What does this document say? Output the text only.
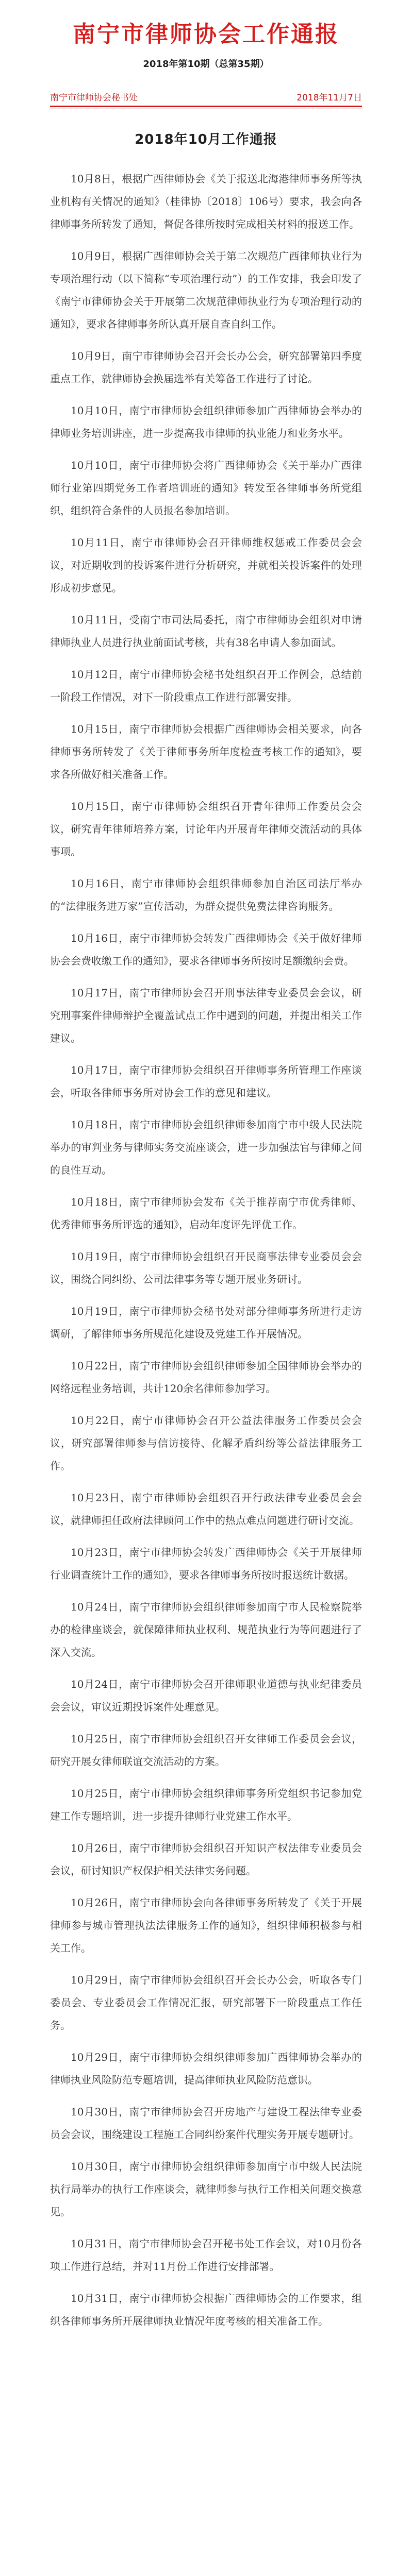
南宁市律师协会工作通报
2018年第10期（总第35期）
南宁市律师协会秘书处	2018年11月7日
2018年10月工作通报

10月8日，根据广西律师协会《关于报送北海港律师事务所等执业机构有关情况的通知》（桂律协〔2018〕106号）要求，我会向各律师事务所转发了通知，督促各律所按时完成相关材料的报送工作。

10月9日，根据广西律师协会关于第二次规范广西律师执业行为专项治理行动（以下简称“专项治理行动”）的工作安排，我会印发了《南宁市律师协会关于开展第二次规范律师执业行为专项治理行动的通知》，要求各律师事务所认真开展自查自纠工作。

10月9日，南宁市律师协会召开会长办公会，研究部署第四季度重点工作，就律师协会换届选举有关筹备工作进行了讨论。

10月10日，南宁市律师协会组织律师参加广西律师协会举办的律师业务培训讲座，进一步提高我市律师的执业能力和业务水平。

10月10日，南宁市律师协会将广西律师协会《关于举办广西律师行业第四期党务工作者培训班的通知》转发至各律师事务所党组织，组织符合条件的人员报名参加培训。

10月11日，南宁市律师协会召开律师维权惩戒工作委员会会议，对近期收到的投诉案件进行分析研究，并就相关投诉案件的处理形成初步意见。

10月11日，受南宁市司法局委托，南宁市律师协会组织对申请律师执业人员进行执业前面试考核，共有38名申请人参加面试。

10月12日，南宁市律师协会秘书处组织召开工作例会，总结前一阶段工作情况，对下一阶段重点工作进行部署安排。

10月15日，南宁市律师协会根据广西律师协会相关要求，向各律师事务所转发了《关于律师事务所年度检查考核工作的通知》，要求各所做好相关准备工作。

10月15日，南宁市律师协会组织召开青年律师工作委员会会议，研究青年律师培养方案，讨论年内开展青年律师交流活动的具体事项。

10月16日，南宁市律师协会组织律师参加自治区司法厅举办的“法律服务进万家”宣传活动，为群众提供免费法律咨询服务。

10月16日，南宁市律师协会转发广西律师协会《关于做好律师协会会费收缴工作的通知》，要求各律师事务所按时足额缴纳会费。

10月17日，南宁市律师协会召开刑事法律专业委员会会议，研究刑事案件律师辩护全覆盖试点工作中遇到的问题，并提出相关工作建议。

10月17日，南宁市律师协会组织召开律师事务所管理工作座谈会，听取各律师事务所对协会工作的意见和建议。

10月18日，南宁市律师协会组织律师参加南宁市中级人民法院举办的审判业务与律师实务交流座谈会，进一步加强法官与律师之间的良性互动。

10月18日，南宁市律师协会发布《关于推荐南宁市优秀律师、优秀律师事务所评选的通知》，启动年度评先评优工作。

10月19日，南宁市律师协会组织召开民商事法律专业委员会会议，围绕合同纠纷、公司法律事务等专题开展业务研讨。

10月19日，南宁市律师协会秘书处对部分律师事务所进行走访调研，了解律师事务所规范化建设及党建工作开展情况。

10月22日，南宁市律师协会组织律师参加全国律师协会举办的网络远程业务培训，共计120余名律师参加学习。

10月22日，南宁市律师协会召开公益法律服务工作委员会会议，研究部署律师参与信访接待、化解矛盾纠纷等公益法律服务工作。

10月23日，南宁市律师协会组织召开行政法律专业委员会会议，就律师担任政府法律顾问工作中的热点难点问题进行研讨交流。

10月23日，南宁市律师协会转发广西律师协会《关于开展律师行业调查统计工作的通知》，要求各律师事务所按时报送统计数据。

10月24日，南宁市律师协会组织律师参加南宁市人民检察院举办的检律座谈会，就保障律师执业权利、规范执业行为等问题进行了深入交流。

10月24日，南宁市律师协会召开律师职业道德与执业纪律委员会会议，审议近期投诉案件处理意见。

10月25日，南宁市律师协会组织召开女律师工作委员会会议，研究开展女律师联谊交流活动的方案。

10月25日，南宁市律师协会组织律师事务所党组织书记参加党建工作专题培训，进一步提升律师行业党建工作水平。

10月26日，南宁市律师协会组织召开知识产权法律专业委员会会议，研讨知识产权保护相关法律实务问题。

10月26日，南宁市律师协会向各律师事务所转发了《关于开展律师参与城市管理执法法律服务工作的通知》，组织律师积极参与相关工作。

10月29日，南宁市律师协会组织召开会长办公会，听取各专门委员会、专业委员会工作情况汇报，研究部署下一阶段重点工作任务。

10月29日，南宁市律师协会组织律师参加广西律师协会举办的律师执业风险防范专题培训，提高律师执业风险防范意识。

10月30日，南宁市律师协会召开房地产与建设工程法律专业委员会会议，围绕建设工程施工合同纠纷案件代理实务开展专题研讨。

10月30日，南宁市律师协会组织律师参加南宁市中级人民法院执行局举办的执行工作座谈会，就律师参与执行工作相关问题交换意见。

10月31日，南宁市律师协会召开秘书处工作会议，对10月份各项工作进行总结，并对11月份工作进行安排部署。

10月31日，南宁市律师协会根据广西律师协会的工作要求，组织各律师事务所开展律师执业情况年度考核的相关准备工作。
